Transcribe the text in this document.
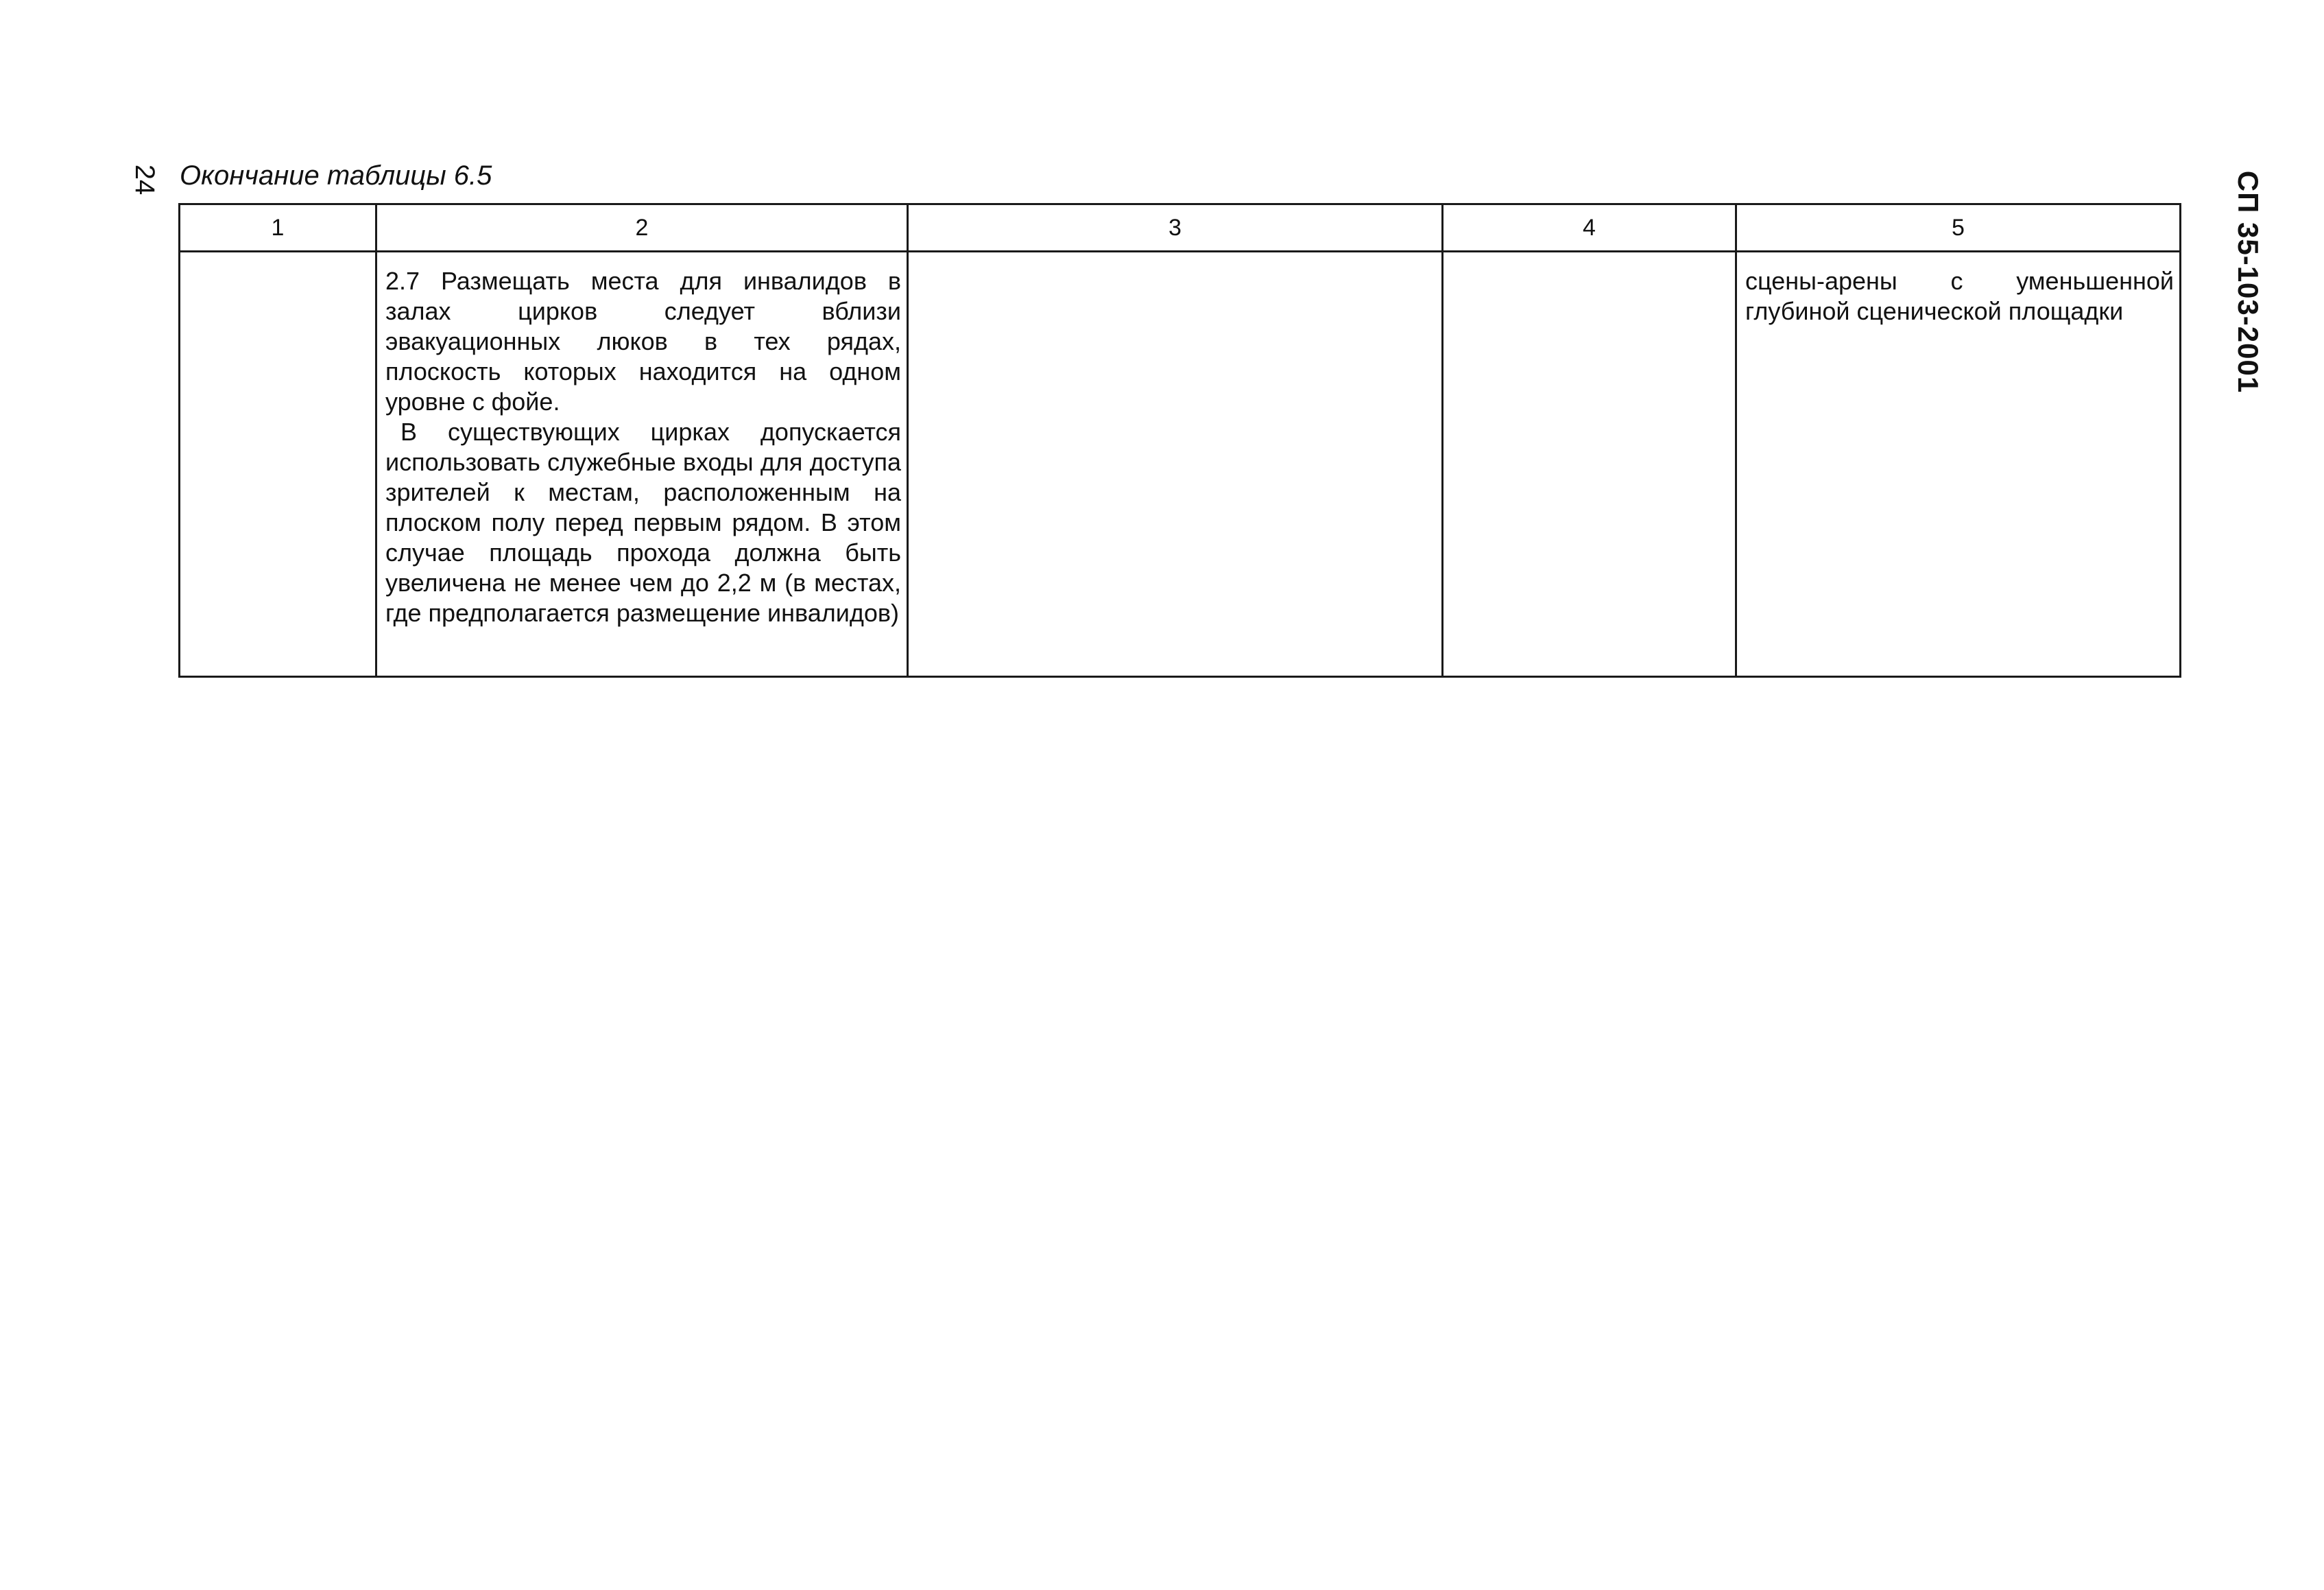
24 Окончание таблицы 6.5	СП 35-103-2001
1	2	3	4	5

	2.7 Размещать места для инвалидов в залах цирков следует вблизи эвакуационных люков в тех рядах, плоскость которых находится на одном уровне с фойе.

В существующих цирках допускается использовать служебные входы для доступа зрителей к местам, расположенным на плоском полу перед первым рядом. В этом случае площадь прохода должна быть увеличена не менее чем до 2,2 м (в местах, где предполагается размещение инвалидов)			сцены-арены с уменьшенной глубиной сценической площадки
